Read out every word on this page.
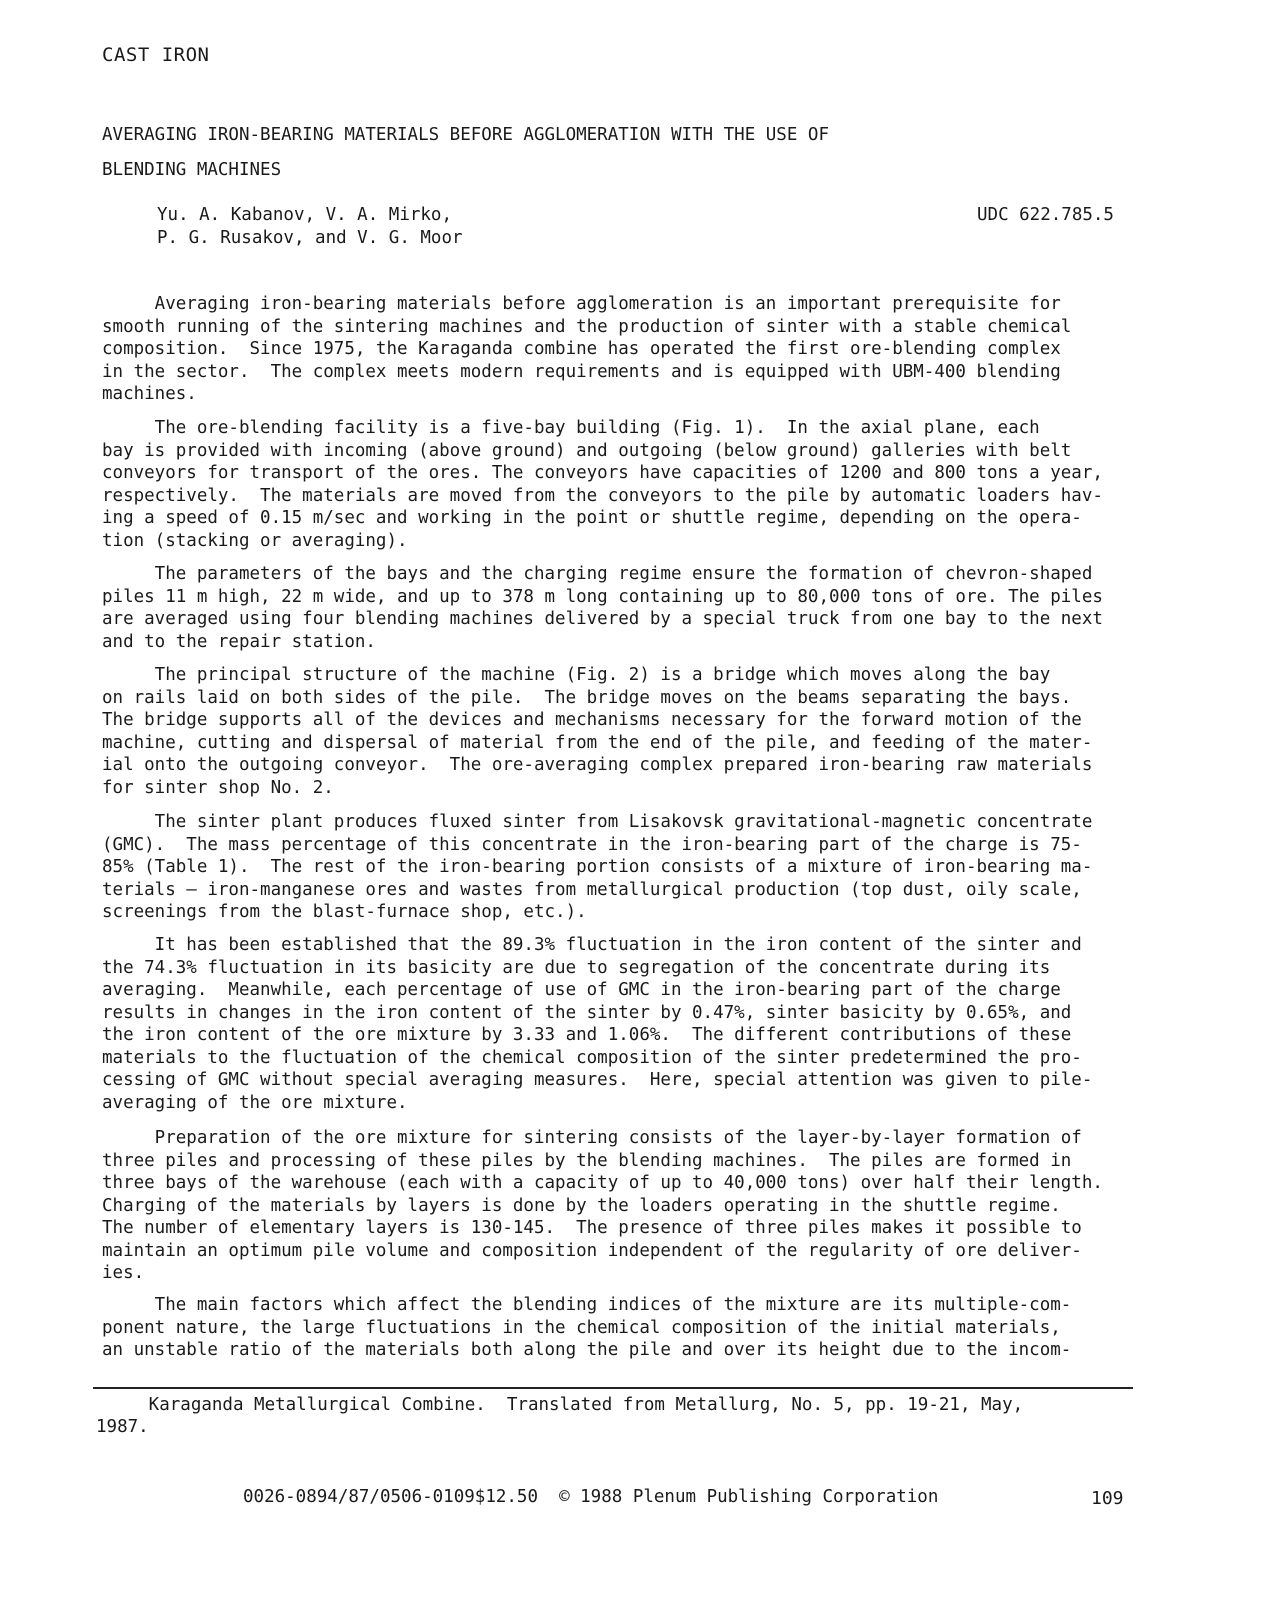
CAST IRON
AVERAGING IRON-BEARING MATERIALS BEFORE AGGLOMERATION WITH THE USE OF
BLENDING MACHINES
Yu. A. Kabanov, V. A. Mirko,
P. G. Rusakov, and V. G. Moor
UDC 622.785.5
Averaging iron-bearing materials before agglomeration is an important prerequisite for
smooth running of the sintering machines and the production of sinter with a stable chemical
composition.  Since 1975, the Karaganda combine has operated the first ore-blending complex
in the sector.  The complex meets modern requirements and is equipped with UBM-400 blending
machines.
The ore-blending facility is a five-bay building (Fig. 1).  In the axial plane, each
bay is provided with incoming (above ground) and outgoing (below ground) galleries with belt
conveyors for transport of the ores. The conveyors have capacities of 1200 and 800 tons a year,
respectively.  The materials are moved from the conveyors to the pile by automatic loaders hav-
ing a speed of 0.15 m/sec and working in the point or shuttle regime, depending on the opera-
tion (stacking or averaging).
The parameters of the bays and the charging regime ensure the formation of chevron-shaped
piles 11 m high, 22 m wide, and up to 378 m long containing up to 80,000 tons of ore. The piles
are averaged using four blending machines delivered by a special truck from one bay to the next
and to the repair station.
The principal structure of the machine (Fig. 2) is a bridge which moves along the bay
on rails laid on both sides of the pile.  The bridge moves on the beams separating the bays.
The bridge supports all of the devices and mechanisms necessary for the forward motion of the
machine, cutting and dispersal of material from the end of the pile, and feeding of the mater-
ial onto the outgoing conveyor.  The ore-averaging complex prepared iron-bearing raw materials
for sinter shop No. 2.
The sinter plant produces fluxed sinter from Lisakovsk gravitational-magnetic concentrate
(GMC).  The mass percentage of this concentrate in the iron-bearing part of the charge is 75-
85% (Table 1).  The rest of the iron-bearing portion consists of a mixture of iron-bearing ma-
terials — iron-manganese ores and wastes from metallurgical production (top dust, oily scale,
screenings from the blast-furnace shop, etc.).
It has been established that the 89.3% fluctuation in the iron content of the sinter and
the 74.3% fluctuation in its basicity are due to segregation of the concentrate during its
averaging.  Meanwhile, each percentage of use of GMC in the iron-bearing part of the charge
results in changes in the iron content of the sinter by 0.47%, sinter basicity by 0.65%, and
the iron content of the ore mixture by 3.33 and 1.06%.  The different contributions of these
materials to the fluctuation of the chemical composition of the sinter predetermined the pro-
cessing of GMC without special averaging measures.  Here, special attention was given to pile-
averaging of the ore mixture.
Preparation of the ore mixture for sintering consists of the layer-by-layer formation of
three piles and processing of these piles by the blending machines.  The piles are formed in
three bays of the warehouse (each with a capacity of up to 40,000 tons) over half their length.
Charging of the materials by layers is done by the loaders operating in the shuttle regime.
The number of elementary layers is 130-145.  The presence of three piles makes it possible to
maintain an optimum pile volume and composition independent of the regularity of ore deliver-
ies.
The main factors which affect the blending indices of the mixture are its multiple-com-
ponent nature, the large fluctuations in the chemical composition of the initial materials,
an unstable ratio of the materials both along the pile and over its height due to the incom-
Karaganda Metallurgical Combine.  Translated from Metallurg, No. 5, pp. 19-21, May,
1987.
0026-0894/87/0506-0109$12.50  © 1988 Plenum Publishing Corporation	109
